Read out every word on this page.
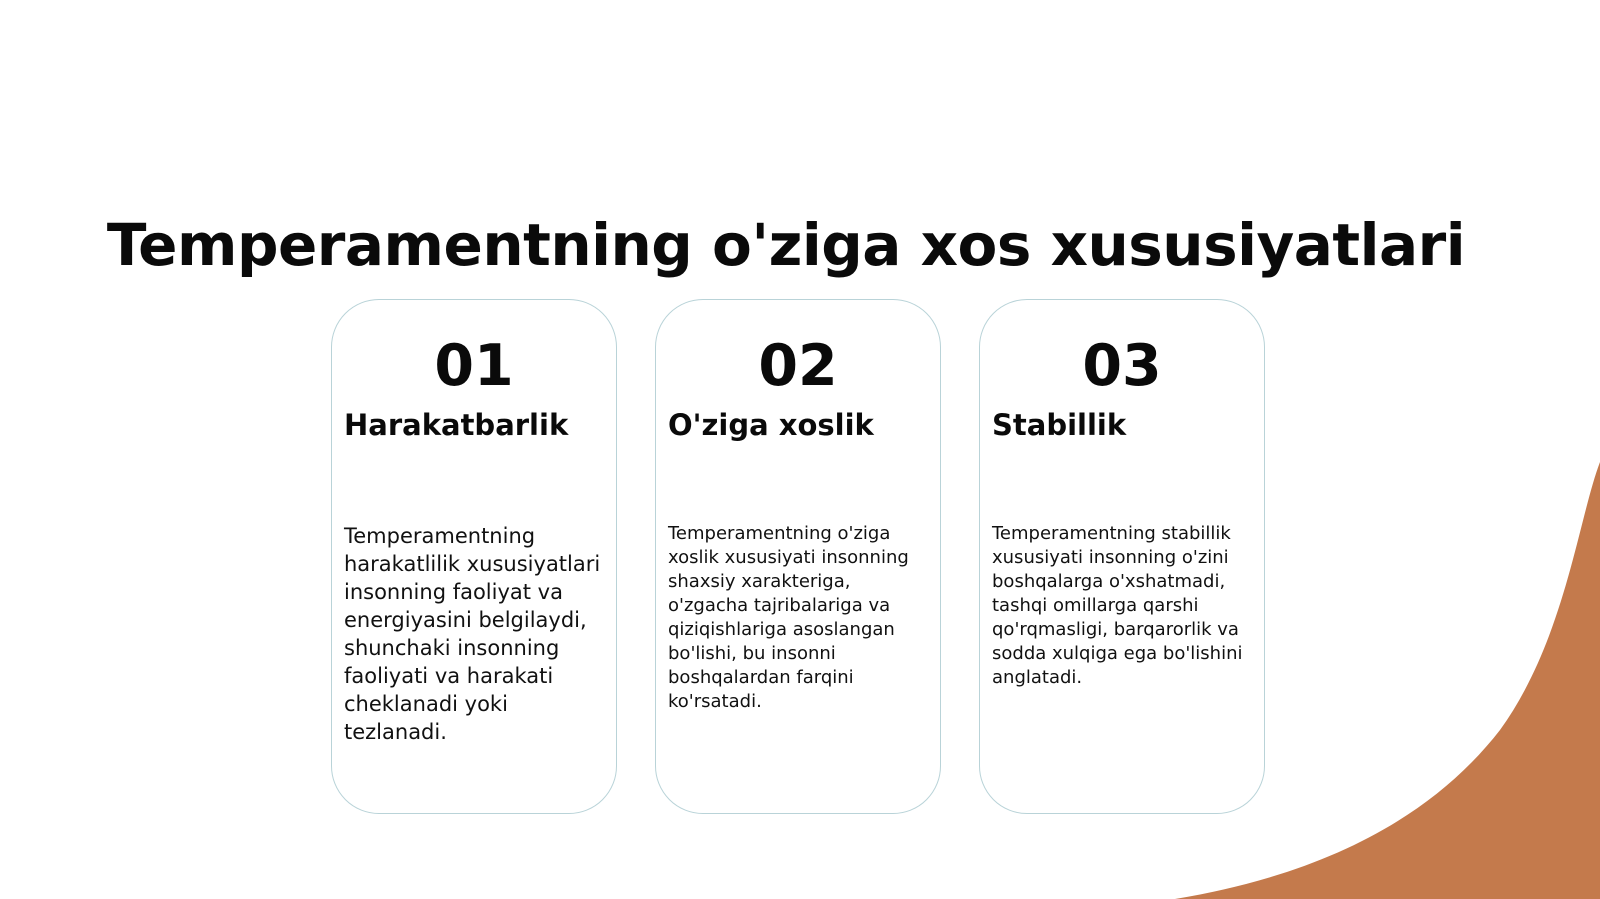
Temperamentning o'ziga xos xususiyatlari
01
Harakatbarlik
Temperamentning harakatlilik xususiyatlari insonning faoliyat va energiyasini belgilaydi, shunchaki insonning faoliyati va harakati cheklanadi yoki tezlanadi.
02
O'ziga xoslik
Temperamentning o'ziga xoslik xususiyati insonning shaxsiy xarakteriga, o'zgacha tajribalariga va qiziqishlariga asoslangan bo'lishi, bu insonni boshqalardan farqini ko'rsatadi.
03
Stabillik
Temperamentning stabillik xususiyati insonning o'zini boshqalarga o'xshatmadi, tashqi omillarga qarshi qo'rqmasligi, barqarorlik va sodda xulqiga ega bo'lishini anglatadi.
